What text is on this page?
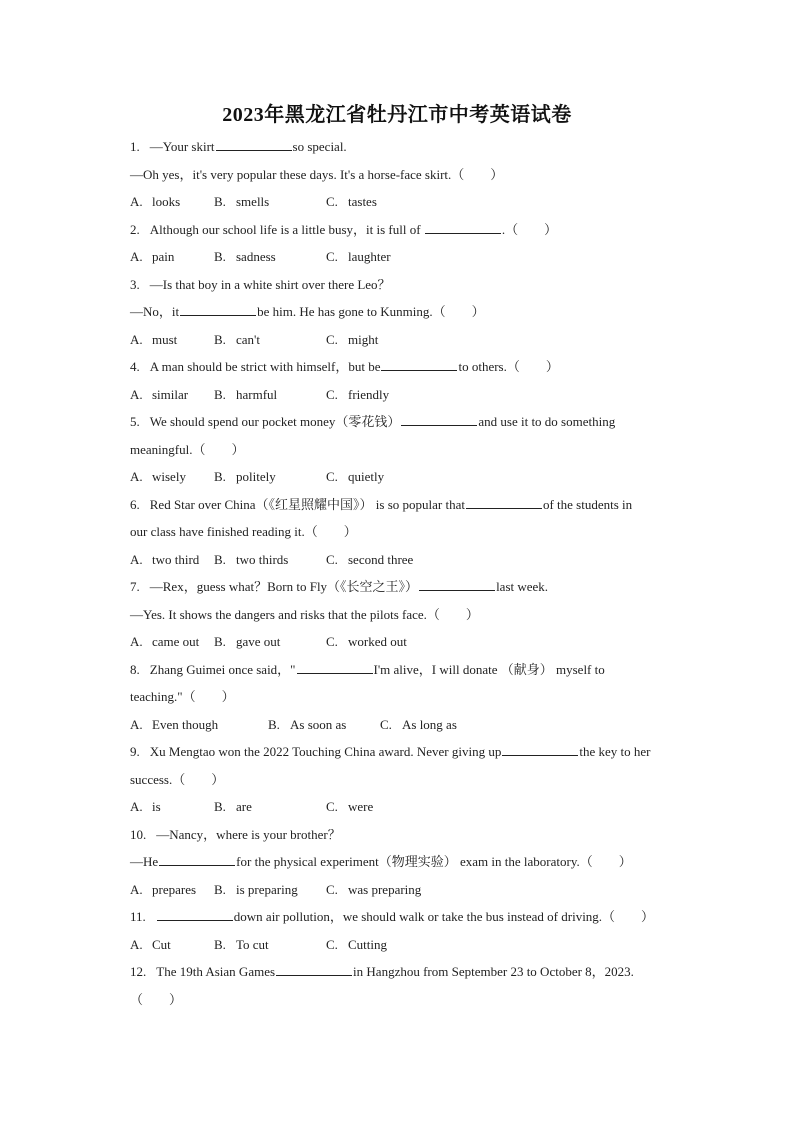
2023年黑龙江省牡丹江市中考英语试卷
1. —Your skirt	so special.
—Oh yes，it's very popular these days. It's a horse-face skirt.（　　）
A. looks	B. smells	C. tastes
2. Although our school life is a little busy，it is full of	.（　　）
A. pain	B. sadness	C. laughter
3. —Is that boy in a white shirt over there Leo？
—No，it	be him. He has gone to Kunming.（　　）
A. must	B. can't	C. might
4. A man should be strict with himself，but be	to others.（　　）
A. similar B. harmful	C. friendly
5. We should spend our pocket money（零花钱）	and use it to do something
meaningful.（　　）
A. wisely B. politely	C. quietly
6. Red Star over China（《红星照耀中国》） is so popular that	of the students in
our class have finished reading it.（　　）
A. two third B. two thirds	C. second three
7. —Rex，guess what？Born to Fly（《长空之王》）	last week.
—Yes. It shows the dangers and risks that the pilots face.（　　）
A. came out B. gave out	C. worked out
8. Zhang Guimei once said，"	I'm alive，I will donate （献身） myself to
teaching."（　　）
A. Even though	B. As soon as	C. As long as
9. Xu Mengtao won the 2022 Touching China award. Never giving up	the key to her
success.（　　）
A. is	B. are	C. were
10. —Nancy，where is your brother？
—He	for the physical experiment（物理实验） exam in the laboratory.（　　）
A. prepares B. is preparing C. was preparing
11.	down air pollution，we should walk or take the bus instead of driving.（　　）
A. Cut	B. To cut	C. Cutting
12. The 19th Asian Games	in Hangzhou from September 23 to October 8，2023.
（　　）
